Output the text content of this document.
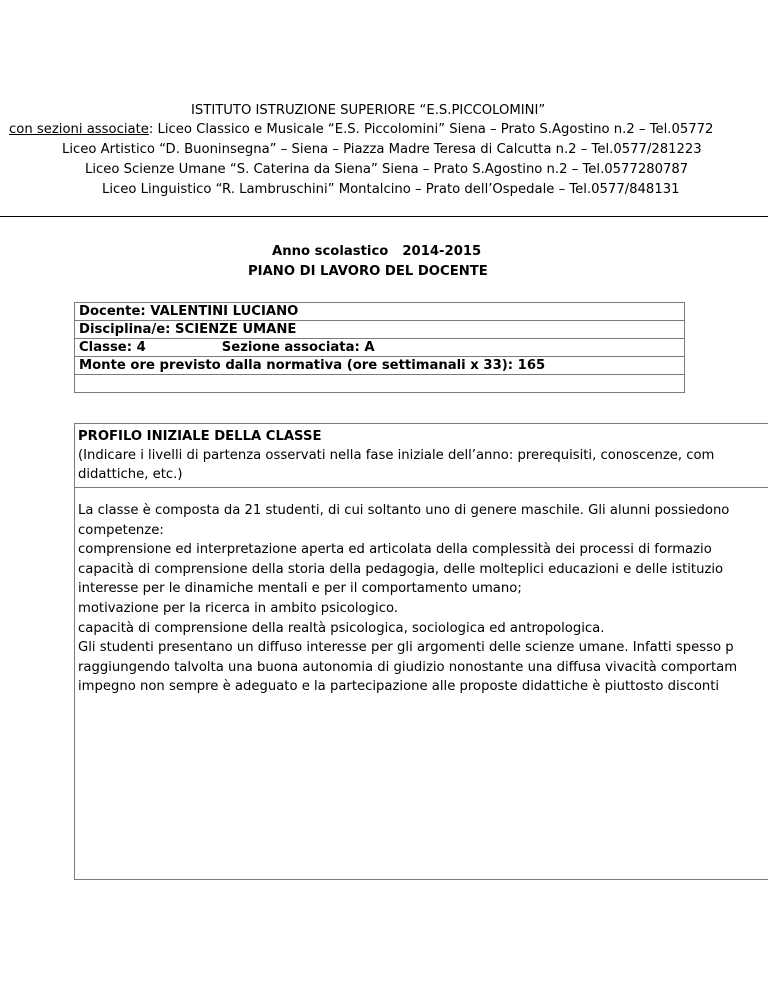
ISTITUTO ISTRUZIONE SUPERIORE “E.S.PICCOLOMINI”
con sezioni associate: Liceo Classico e Musicale “E.S. Piccolomini” Siena – Prato S.Agostino n.2 – Tel.05772
Liceo Artistico “D. Buoninsegna” – Siena – Piazza Madre Teresa di Calcutta n.2 – Tel.0577/281223
Liceo Scienze Umane “S. Caterina da Siena” Siena – Prato S.Agostino n.2 – Tel.0577280787
Liceo Linguistico “R. Lambruschini” Montalcino – Prato dell’Ospedale – Tel.0577/848131
Anno scolastico 2014-2015
PIANO DI LAVORO DEL DOCENTE
Docente: VALENTINI LUCIANO
Disciplina/e: SCIENZE UMANE
Classe: 4	Sezione associata: A
Monte ore previsto dalla normativa (ore settimanali x 33): 165

PROFILO INIZIALE DELLA CLASSE
(Indicare i livelli di partenza osservati nella fase iniziale dell’anno: prerequisiti, conoscenze, com
didattiche, etc.)
La classe è composta da 21 studenti, di cui soltanto uno di genere maschile. Gli alunni possiedono
competenze:
comprensione ed interpretazione aperta ed articolata della complessità dei processi di formazio
capacità di comprensione della storia della pedagogia, delle molteplici educazioni e delle istituzio
interesse per le dinamiche mentali e per il comportamento umano;
motivazione per la ricerca in ambito psicologico.
capacità di comprensione della realtà psicologica, sociologica ed antropologica.
Gli studenti presentano un diffuso interesse per gli argomenti delle scienze umane. Infatti spesso p
raggiungendo talvolta una buona autonomia di giudizio nonostante una diffusa vivacità comportam
impegno non sempre è adeguato e la partecipazione alle proposte didattiche è piuttosto disconti
